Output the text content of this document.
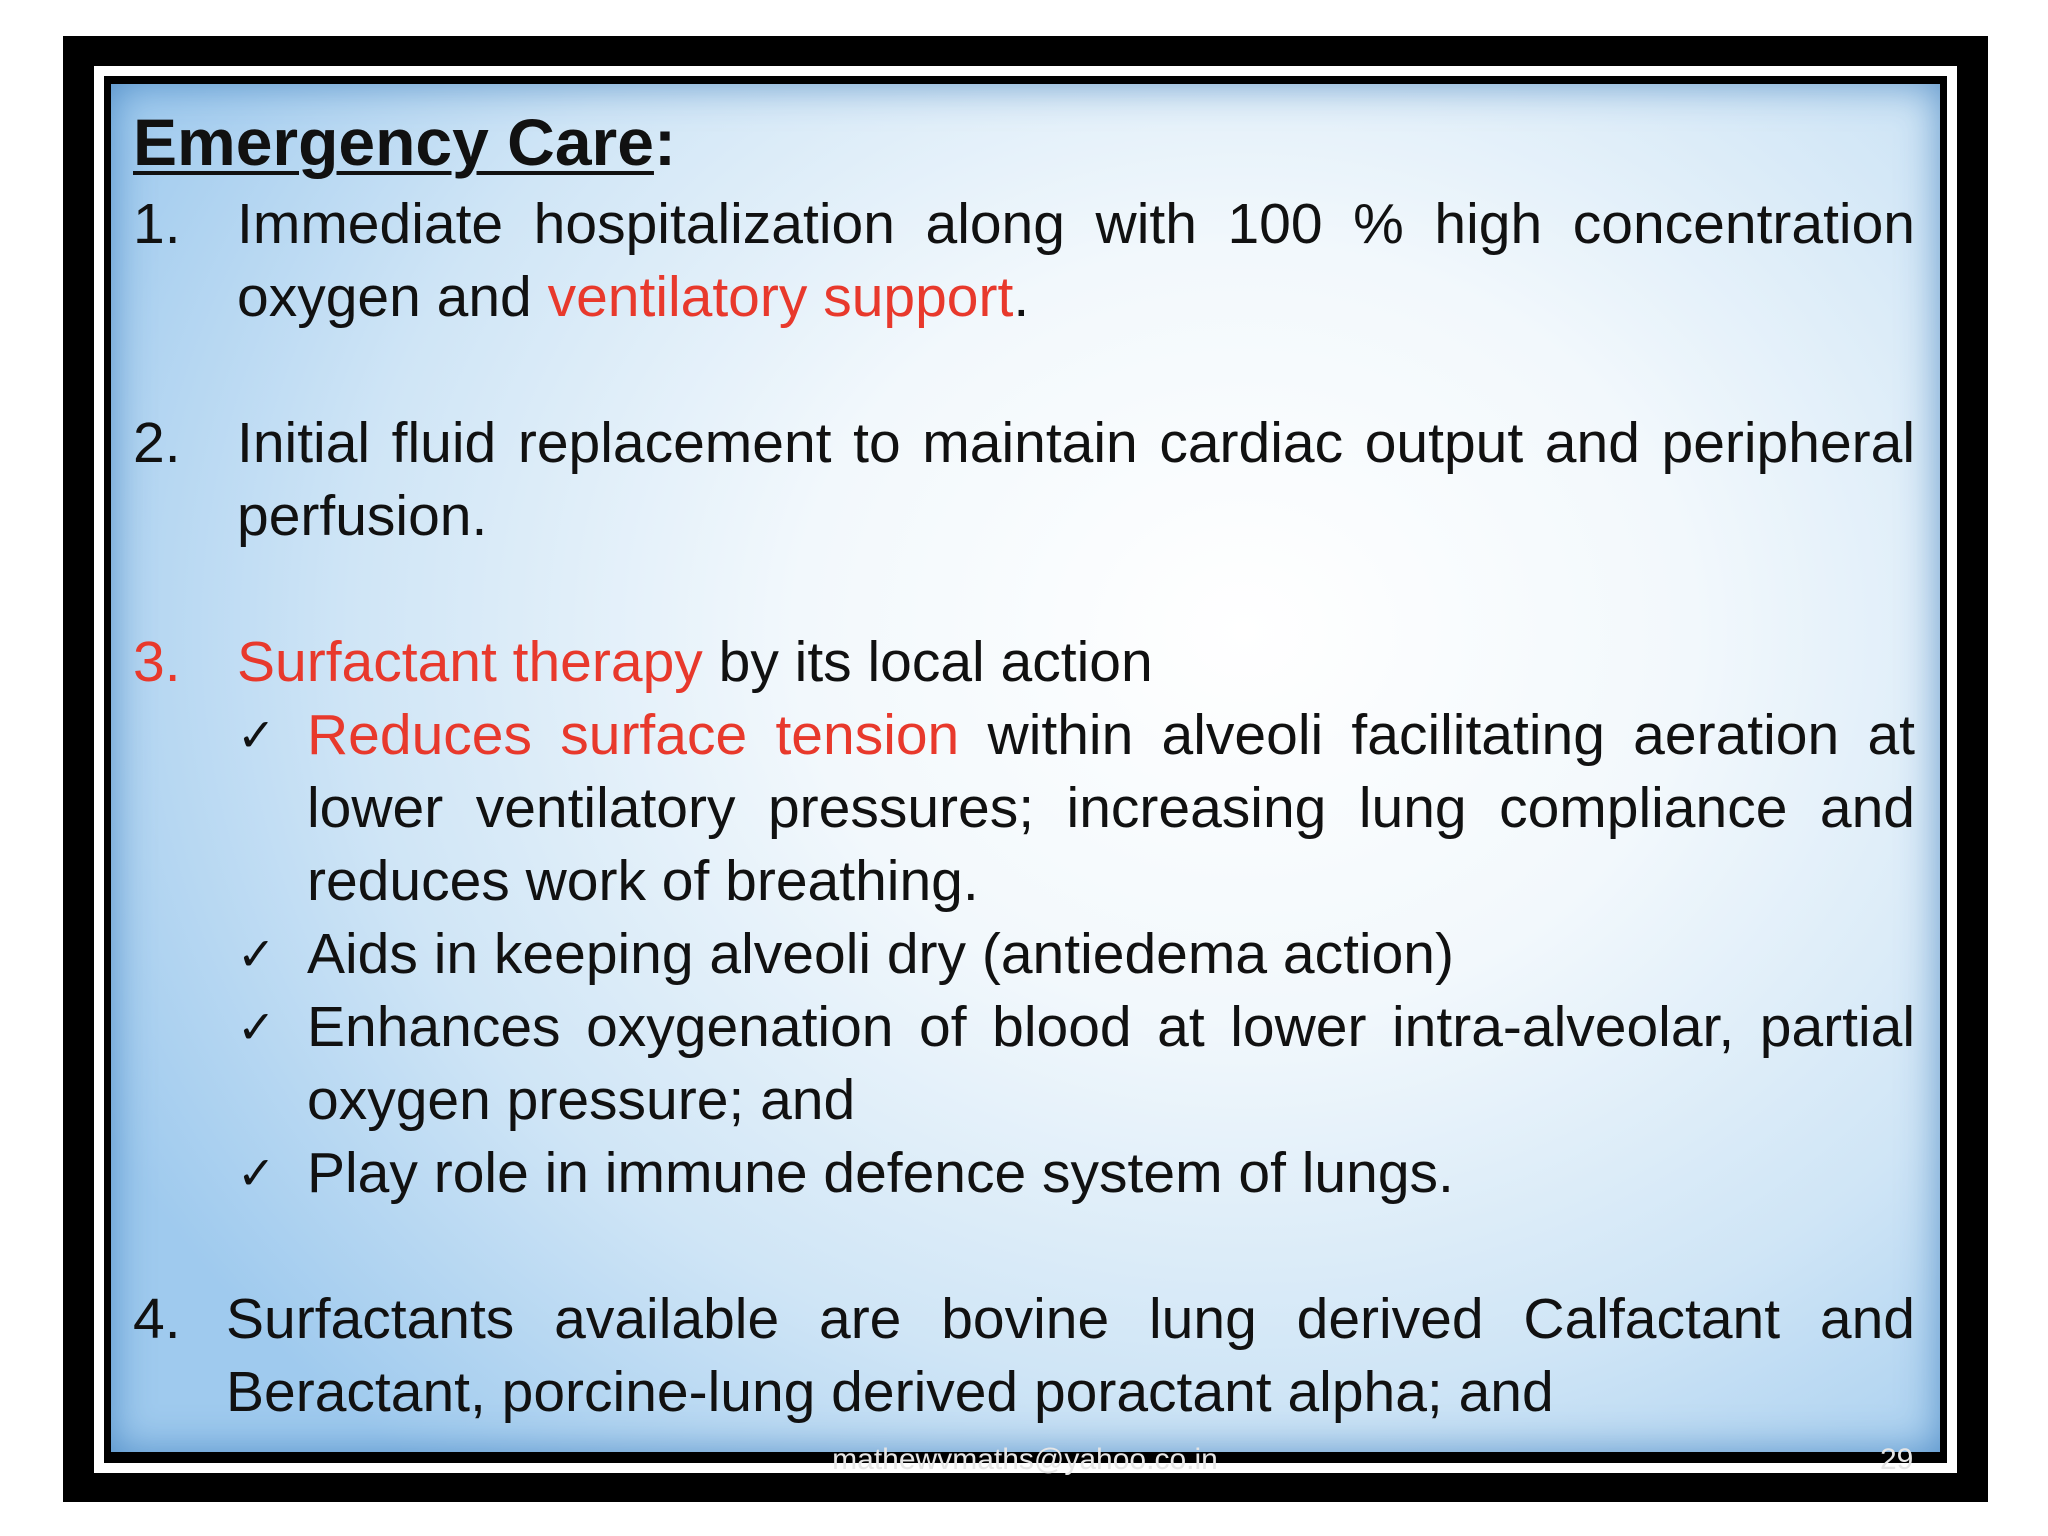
Emergency Care:
1. Immediate hospitalization along with 100 % high concentration oxygen and ventilatory support.
2. Initial fluid replacement to maintain cardiac output and peripheral perfusion.
3. Surfactant therapy by its local action
✓ Reduces surface tension within alveoli facilitating aeration at lower ventilatory pressures; increasing lung compliance and reduces work of breathing.
✓ Aids in keeping alveoli dry (antiedema action)
✓ Enhances oxygenation of blood at lower intra-alveolar, partial oxygen pressure; and
✓ Play role in immune defence system of lungs.
4. Surfactants available are bovine lung derived Calfactant and Beractant, porcine-lung derived poractant alpha; and
mathewvmaths@yahoo.co.in	29
